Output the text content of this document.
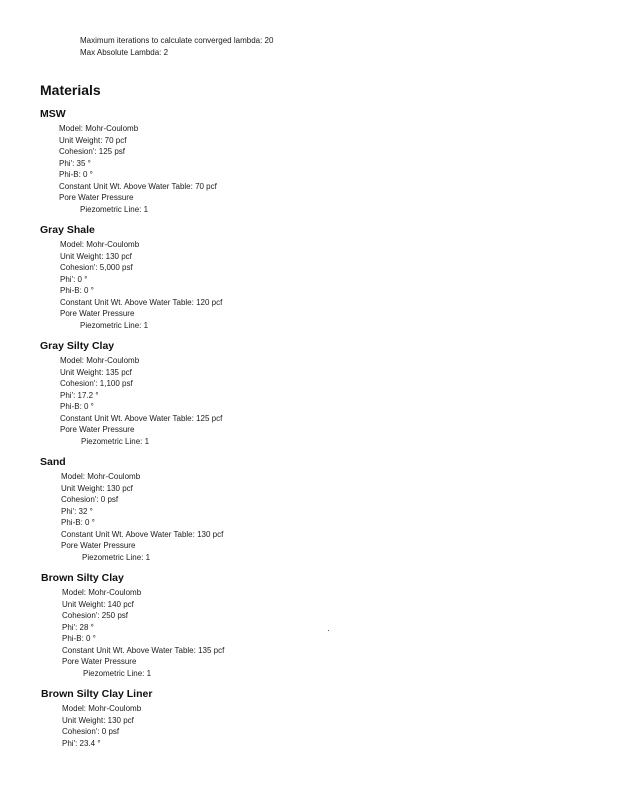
Maximum iterations to calculate converged lambda: 20
Max Absolute Lambda: 2
Materials
MSW
Model: Mohr-Coulomb
Unit Weight: 70 pcf
Cohesion': 125 psf
Phi': 35 °
Phi-B: 0 °
Constant Unit Wt. Above Water Table: 70 pcf
Pore Water Pressure
Piezometric Line: 1
Gray Shale
Model: Mohr-Coulomb
Unit Weight: 130 pcf
Cohesion': 5,000 psf
Phi': 0 °
Phi-B: 0 °
Constant Unit Wt. Above Water Table: 120 pcf
Pore Water Pressure
Piezometric Line: 1
Gray Silty Clay
Model: Mohr-Coulomb
Unit Weight: 135 pcf
Cohesion': 1,100 psf
Phi': 17.2 °
Phi-B: 0 °
Constant Unit Wt. Above Water Table: 125 pcf
Pore Water Pressure
Piezometric Line: 1
Sand
Model: Mohr-Coulomb
Unit Weight: 130 pcf
Cohesion': 0 psf
Phi': 32 °
Phi-B: 0 °
Constant Unit Wt. Above Water Table: 130 pcf
Pore Water Pressure
Piezometric Line: 1
Brown Silty Clay
Model: Mohr-Coulomb
Unit Weight: 140 pcf
Cohesion': 250 psf
Phi': 28 °
Phi-B: 0 °
Constant Unit Wt. Above Water Table: 135 pcf
Pore Water Pressure
Piezometric Line: 1
Brown Silty Clay Liner
Model: Mohr-Coulomb
Unit Weight: 130 pcf
Cohesion': 0 psf
Phi': 23.4 °
